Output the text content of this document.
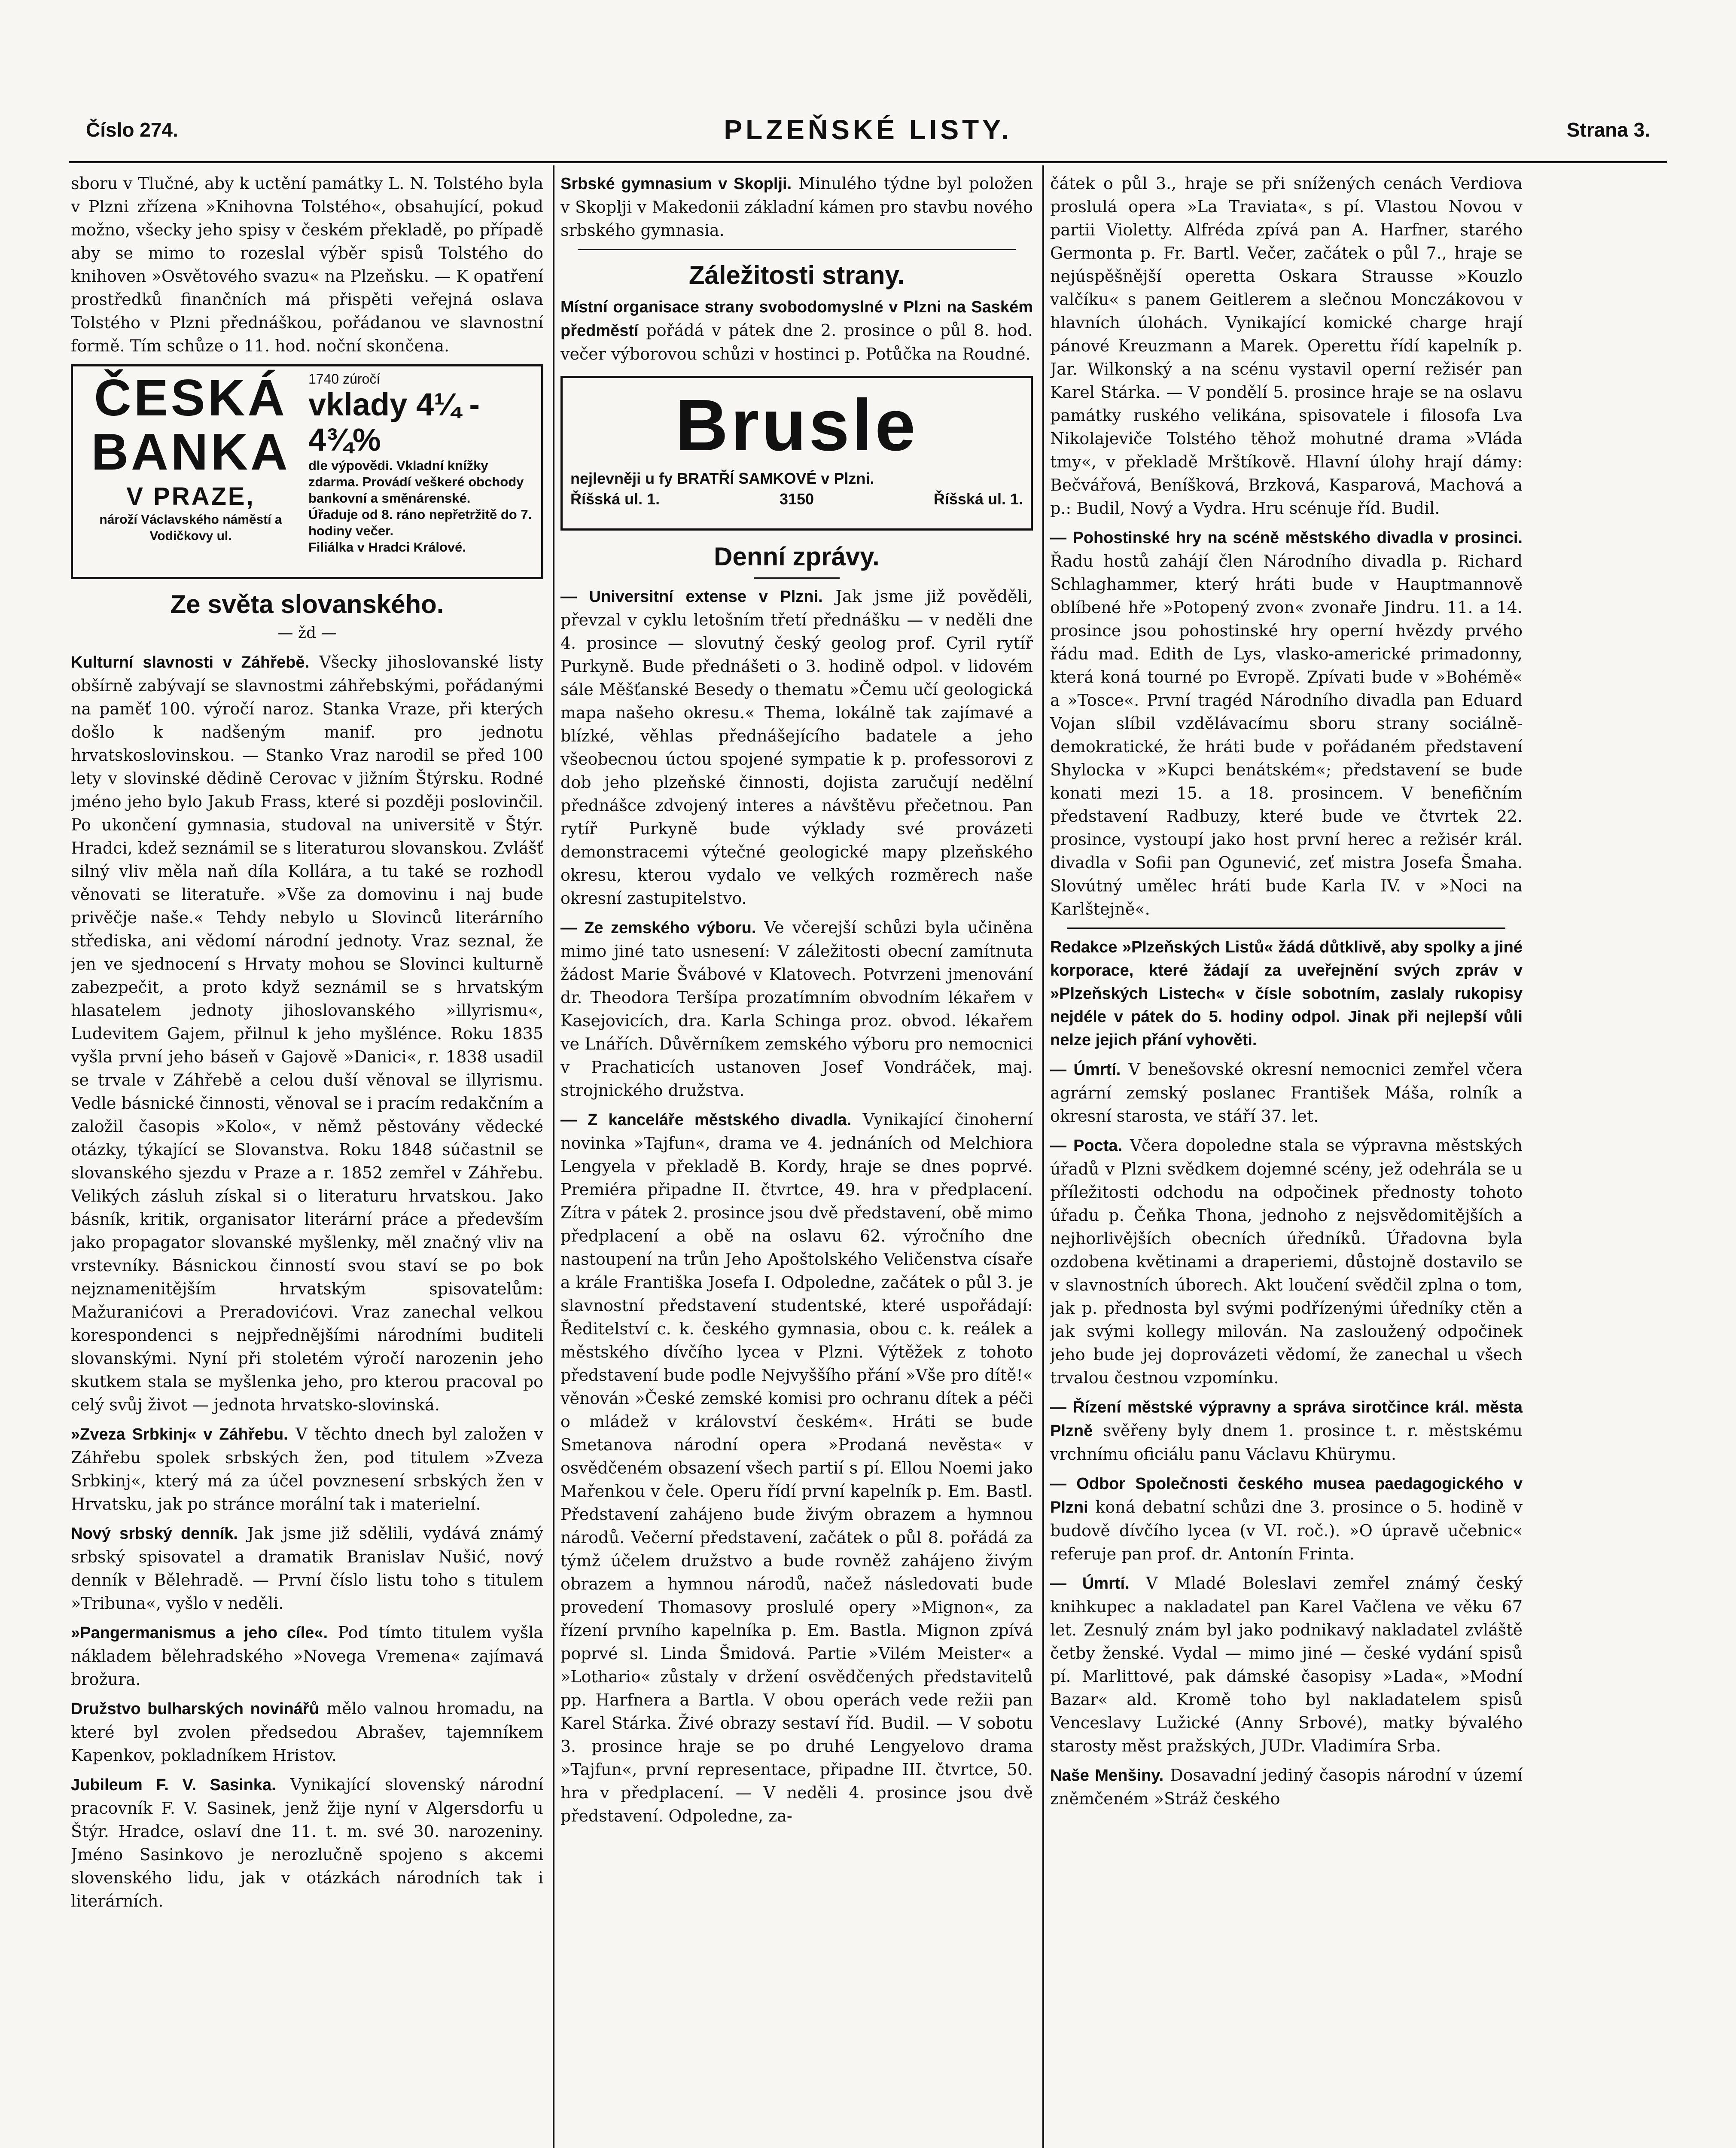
Číslo 274.	PLZEŇSKÉ LISTY.	Strana 3.

sboru v Tlučné, aby k uctění památky L. N. Tolstého byla v Plzni zřízena »Knihovna Tolstého«, obsahující, pokud možno, všecky jeho spisy v českém překladě, po případě aby se mimo to rozeslal výběr spisů Tolstého do knihoven »Osvětového svazu« na Plzeňsku. — K opatření prostředků finančních má přispěti veřejná oslava Tolstého v Plzni přednáškou, pořádanou ve slavnostní formě. Tím schůze o 11. hod. noční skončena.

ČESKÁ BANKA
V PRAZE,
nároží Václavského náměstí a Vodičkovy ul.
1740 zúročí
vklady 4¼ - 4¾%
dle výpovědi. Vkladní knížky zdarma. Provádí veškeré obchody bankovní a směnárenské.
Úřaduje od 8. ráno nepřetržitě do 7. hodiny večer.
Filiálka v Hradci Králové.
Ze světa slovanského.
— žd —

Kulturní slavnosti v Záhřebě. Všecky jihoslovanské listy obšírně zabývají se slavnostmi záhřebskými, pořádanými na paměť 100. výročí naroz. Stanka Vraze, při kterých došlo k nadšeným manif. pro jednotu hrvatskoslovinskou. — Stanko Vraz narodil se před 100 lety v slovinské dědině Cerovac v jižním Štýrsku. Rodné jméno jeho bylo Jakub Frass, které si později poslovinčil. Po ukončení gymnasia, studoval na universitě v Štýr. Hradci, kdež seznámil se s literaturou slovanskou. Zvlášť silný vliv měla naň díla Kollára, a tu také se rozhodl věnovati se literatuře. »Vše za domovinu i naj bude privěčje naše.« Tehdy nebylo u Slovinců literárního střediska, ani vědomí národní jednoty. Vraz seznal, že jen ve sjednocení s Hrvaty mohou se Slovinci kulturně zabezpečit, a proto když seznámil se s hrvatským hlasatelem jednoty jihoslovanského »illyrismu«, Ludevitem Gajem, přilnul k jeho myšlénce. Roku 1835 vyšla první jeho báseň v Gajově »Danici«, r. 1838 usadil se trvale v Záhřebě a celou duší věnoval se illyrismu. Vedle básnické činnosti, věnoval se i pracím redakčním a založil časopis »Kolo«, v němž pěstovány vědecké otázky, týkající se Slovanstva. Roku 1848 súčastnil se slovanského sjezdu v Praze a r. 1852 zemřel v Záhřebu. Velikých zásluh získal si o literaturu hrvatskou. Jako básník, kritik, organisator literární práce a především jako propagator slovanské myšlenky, měl značný vliv na vrstevníky. Básnickou činností svou staví se po bok nejznamenitějším hrvatským spisovatelům: Mažuranićovi a Preradovićovi. Vraz zanechal velkou korespondenci s nejpřednějšími národními buditeli slovanskými. Nyní při stoletém výročí narozenin jeho skutkem stala se myšlenka jeho, pro kterou pracoval po celý svůj život — jednota hrvatsko-slovinská.

»Zveza Srbkinj« v Záhřebu. V těchto dnech byl založen v Záhřebu spolek srbských žen, pod titulem »Zveza Srbkinj«, který má za účel povznesení srbských žen v Hrvatsku, jak po stránce morální tak i materielní.

Nový srbský denník. Jak jsme již sdělili, vydává známý srbský spisovatel a dramatik Branislav Nušić, nový denník v Bělehradě. — První číslo listu toho s titulem »Tribuna«, vyšlo v neděli.

»Pangermanismus a jeho cíle«. Pod tímto titulem vyšla nákladem bělehradského »Novega Vremena« zajímavá brožura.

Družstvo bulharských novinářů mělo valnou hromadu, na které byl zvolen předsedou Abrašev, tajemníkem Kapenkov, pokladníkem Hristov.

Jubileum F. V. Sasinka. Vynikající slovenský národní pracovník F. V. Sasinek, jenž žije nyní v Algersdorfu u Štýr. Hradce, oslaví dne 11. t. m. své 30. narozeniny. Jméno Sasinkovo je nerozlučně spojeno s akcemi slovenského lidu, jak v otázkách národních tak i literárních.

Srbské gymnasium v Skoplji. Minulého týdne byl položen v Skoplji v Makedonii základní kámen pro stavbu nového srbského gymnasia.

Záležitosti strany.

Místní organisace strany svobodomyslné v Plzni na Saském předměstí pořádá v pátek dne 2. prosince o půl 8. hod. večer výborovou schůzi v hostinci p. Potůčka na Roudné.

Brusle
nejlevněji u fy BRATŘÍ SAMKOVÉ v Plzni.
Říšská ul. 1.	3150	Říšská ul. 1.
Denní zprávy.

— Universitní extense v Plzni. Jak jsme již pověděli, převzal v cyklu letošním třetí přednášku — v neděli dne 4. prosince — slovutný český geolog prof. Cyril rytíř Purkyně. Bude přednášeti o 3. hodině odpol. v lidovém sále Měšťanské Besedy o thematu »Čemu učí geologická mapa našeho okresu.« Thema, lokálně tak zajímavé a blízké, věhlas přednášejícího badatele a jeho všeobecnou úctou spojené sympatie k p. professorovi z dob jeho plzeňské činnosti, dojista zaručují nedělní přednášce zdvojený interes a návštěvu přečetnou. Pan rytíř Purkyně bude výklady své provázeti demonstracemi výtečné geologické mapy plzeňského okresu, kterou vydalo ve velkých rozměrech naše okresní zastupitelstvo.

— Ze zemského výboru. Ve včerejší schůzi byla učiněna mimo jiné tato usnesení: V záležitosti obecní zamítnuta žádost Marie Švábové v Klatovech. Potvrzeni jmenování dr. Theodora Teršípa prozatímním obvodním lékařem v Kasejovicích, drа. Karla Schinga proz. obvod. lékařem ve Lnářích. Důvěrníkem zemského výboru pro nemocnici v Prachaticích ustanoven Josef Vondráček, maj. strojnického družstva.

— Z kanceláře městského divadla. Vynikající činoherní novinka »Tajfun«, drama ve 4. jednáních od Melchiora Lengyela v překladě B. Kordy, hraje se dnes poprvé. Premiéra připadne II. čtvrtce, 49. hra v předplacení. Zítra v pátek 2. prosince jsou dvě představení, obě mimo předplacení a obě na oslavu 62. výročního dne nastoupení na trůn Jeho Apoštolského Veličenstva císaře a krále Františka Josefa I. Odpoledne, začátek o půl 3. je slavnostní představení studentské, které uspořádají: Ředitelství c. k. českého gymnasia, obou c. k. reálek a městského dívčího lycea v Plzni. Výtěžek z tohoto představení bude podle Nejvyššího přání »Vše pro dítě!« věnován »České zemské komisi pro ochranu dítek a péči o mládež v království českém«. Hráti se bude Smetanova národní opera »Prodaná nevěsta« v osvědčeném obsazení všech partií s pí. Ellou Noemi jako Mařenkou v čele. Operu řídí první kapelník p. Em. Bastl. Představení zahájeno bude živým obrazem a hymnou národů. Večerní představení, začátek o půl 8. pořádá za týmž účelem družstvo a bude rovněž zahájeno živým obrazem a hymnou národů, načež následovati bude provedení Thomasovy proslulé opery »Mignon«, za řízení prvního kapelníka p. Em. Bastla. Mignon zpívá poprvé sl. Linda Šmidová. Partie »Vilém Meister« a »Lothario« zůstaly v držení osvědčených představitelů pp. Harfnera a Bartla. V obou operách vede režii pan Karel Stárka. Živé obrazy sestaví říd. Budil. — V sobotu 3. prosince hraje se po druhé Lengyelovo drama »Tajfun«, první representace, připadne III. čtvrtce, 50. hra v předplacení. — V neděli 4. prosince jsou dvě představení. Odpoledne, za-

čátek o půl 3., hraje se při snížených cenách Verdiova proslulá opera »La Traviata«, s pí. Vlastou Novou v partii Violetty. Alfréda zpívá pan A. Harfner, starého Germonta p. Fr. Bartl. Večer, začátek o půl 7., hraje se nejúspěšnější operetta Oskara Strausse »Kouzlo valčíku« s panem Geitlerem a slečnou Monczákovou v hlavních úlohách. Vynikající komické charge hrají pánové Kreuzmann a Marek. Operettu řídí kapelník p. Jar. Wilkonský a na scénu vystavil operní režisér pan Karel Stárka. — V pondělí 5. prosince hraje se na oslavu památky ruského velikána, spisovatele i filosofa Lva Nikolajeviče Tolstého těhož mohutné drama »Vláda tmy«, v překladě Mrštíkově. Hlavní úlohy hrají dámy: Bečvářová, Beníšková, Brzková, Kasparová, Machová a p.: Budil, Nový a Vydra. Hru scénuje říd. Budil.

— Pohostinské hry na scéně městského divadla v prosinci. Řadu hostů zahájí člen Národního divadla p. Richard Schlaghammer, který hráti bude v Hauptmannově oblíbené hře »Potopený zvon« zvonaře Jindru. 11. a 14. prosince jsou pohostinské hry operní hvězdy prvého řádu mad. Edith de Lys, vlasko-americké primadonny, která koná tourné po Evropě. Zpívati bude v »Bohémě« a »Tosce«. První tragéd Národního divadla pan Eduard Vojan slíbil vzdělávacímu sboru strany sociálně-demokratické, že hráti bude v pořádaném představení Shylocka v »Kupci benátském«; představení se bude konati mezi 15. a 18. prosincem. V benefičním představení Radbuzy, které bude ve čtvrtek 22. prosince, vystoupí jako host první herec a režisér král. divadla v Sofii pan Ogunević, zeť mistra Josefa Šmaha. Slovútný umělec hráti bude Karla IV. v »Noci na Karlštejně«.

Redakce »Plzeňských Listů« žádá důtklivě, aby spolky a jiné korporace, které žádají za uveřejnění svých zpráv v »Plzeňských Listech« v čísle sobotním, zaslaly rukopisy nejdéle v pátek do 5. hodiny odpol. Jinak při nejlepší vůli nelze jejich přání vyhověti.

— Úmrtí. V benešovské okresní nemocnici zemřel včera agrární zemský poslanec František Máša, rolník a okresní starosta, ve stáří 37. let.

— Pocta. Včera dopoledne stala se výpravna městských úřadů v Plzni svědkem dojemné scény, jež odehrála se u příležitosti odchodu na odpočinek přednosty tohoto úřadu p. Čeňka Thona, jednoho z nejsvědomitějších a nejhorlivějších obecních úředníků. Úřadovna byla ozdobena květinami a draperiemi, důstojně dostavilo se v slavnostních úborech. Akt loučení svědčil zplna o tom, jak p. přednosta byl svými podřízenými úředníky ctěn a jak svými kollegy milován. Na zasloužený odpočinek jeho bude jej doprovázeti vědomí, že zanechal u všech trvalou čestnou vzpomínku.

— Řízení městské výpravny a správa sirotčince král. města Plzně svěřeny byly dnem 1. prosince t. r. městskému vrchnímu oficiálu panu Václavu Khürymu.

— Odbor Společnosti českého musea paedagogického v Plzni koná debatní schůzi dne 3. prosince o 5. hodině v budově dívčího lycea (v VI. roč.). »O úpravě učebnic« referuje pan prof. dr. Antonín Frinta.

— Úmrtí. V Mladé Boleslavi zemřel známý český knihkupec a nakladatel pan Karel Vačlena ve věku 67 let. Zesnulý znám byl jako podnikavý nakladatel zvláště četby ženské. Vydal — mimo jiné — české vydání spisů pí. Marlittové, pak dámské časopisy »Lada«, »Modní Bazar« ald. Kromě toho byl nakladatelem spisů Venceslavy Lužické (Anny Srbové), matky bývalého starosty měst pražských, JUDr. Vladimíra Srba.

Naše Menšiny. Dosavadní jediný časopis národní v území zněmčeném »Stráž českého
